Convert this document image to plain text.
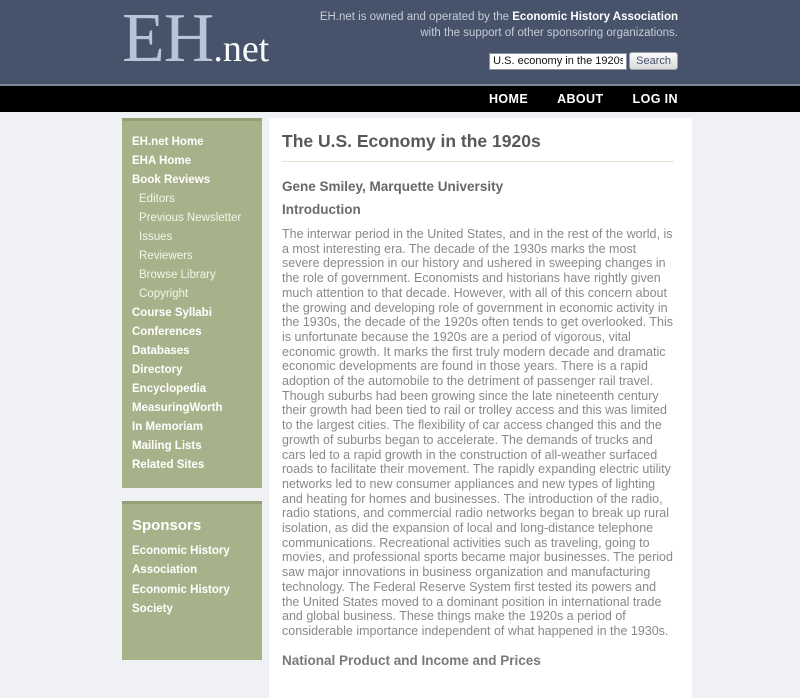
EH .net
EH.net is owned and operated by the Economic History Association
with the support of other sponsoring organizations.
U.S. economy in the 1920s
Search
HOME ABOUT LOG IN
EH.net Home
EHA Home
Book Reviews
Editors
Previous Newsletter
Issues
Reviewers
Browse Library
Copyright
Course Syllabi
Conferences
Databases
Directory
Encyclopedia
MeasuringWorth
In Memoriam
Mailing Lists
Related Sites
Sponsors
Economic History Association
Economic History Society
The U.S. Economy in the 1920s
Gene Smiley, Marquette University
Introduction

The interwar period in the United States, and in the rest of the world, is a most interesting era. The decade of the 1930s marks the most severe depression in our history and ushered in sweeping changes in the role of government. Economists and historians have rightly given much attention to that decade. However, with all of this concern about the growing and developing role of government in economic activity in the 1930s, the decade of the 1920s often tends to get overlooked. This is unfortunate because the 1920s are a period of vigorous, vital economic growth. It marks the first truly modern decade and dramatic economic developments are found in those years. There is a rapid adoption of the automobile to the detriment of passenger rail travel. Though suburbs had been growing since the late nineteenth century their growth had been tied to rail or trolley access and this was limited to the largest cities. The flexibility of car access changed this and the growth of suburbs began to accelerate. The demands of trucks and cars led to a rapid growth in the construction of all-weather surfaced roads to facilitate their movement. The rapidly expanding electric utility networks led to new consumer appliances and new types of lighting and heating for homes and businesses. The introduction of the radio, radio stations, and commercial radio networks began to break up rural isolation, as did the expansion of local and long-distance telephone communications. Recreational activities such as traveling, going to movies, and professional sports became major businesses. The period saw major innovations in business organization and manufacturing technology. The Federal Reserve System first tested its powers and the United States moved to a dominant position in international trade and global business. These things make the 1920s a period of considerable importance independent of what happened in the 1930s.

National Product and Income and Prices
